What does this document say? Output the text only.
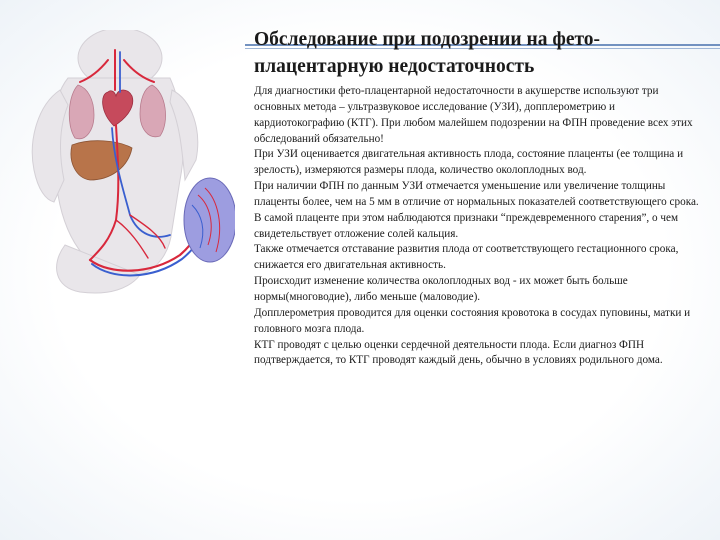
Обследование при подозрении на фето-
плацентарную недостаточность

Для диагностики фето-плацентарной недостаточности в акушерстве используют три основных метода – ультразвуковое исследование (УЗИ), допплерометрию и кардиотокографию (КТГ). При любом малейшем подозрении на ФПН проведение всех этих обследований обязательно!

При УЗИ оценивается двигательная активность плода, состояние плаценты (ее толщина и зрелость), измеряются размеры плода, количество околоплодных вод.

При наличии ФПН по данным УЗИ отмечается уменьшение или увеличение толщины плаценты более, чем на 5 мм в отличие от нормальных показателей соответствующего срока. В самой плаценте при этом наблюдаются признаки “преждевременного старения”, о чем свидетельствует отложение солей кальция.

Также отмечается отставание развития плода от соответствующего гестационного срока, снижается его двигательная активность.

Происходит изменение количества околоплодных вод - их может быть больше нормы(многоводие), либо меньше (маловодие).

Допплерометрия проводится для оценки состояния кровотока в сосудах пуповины, матки и головного мозга плода.

КТГ проводят с целью оценки сердечной деятельности плода. Если диагноз ФПН подтверждается, то КТГ проводят каждый день, обычно в условиях родильного дома.
